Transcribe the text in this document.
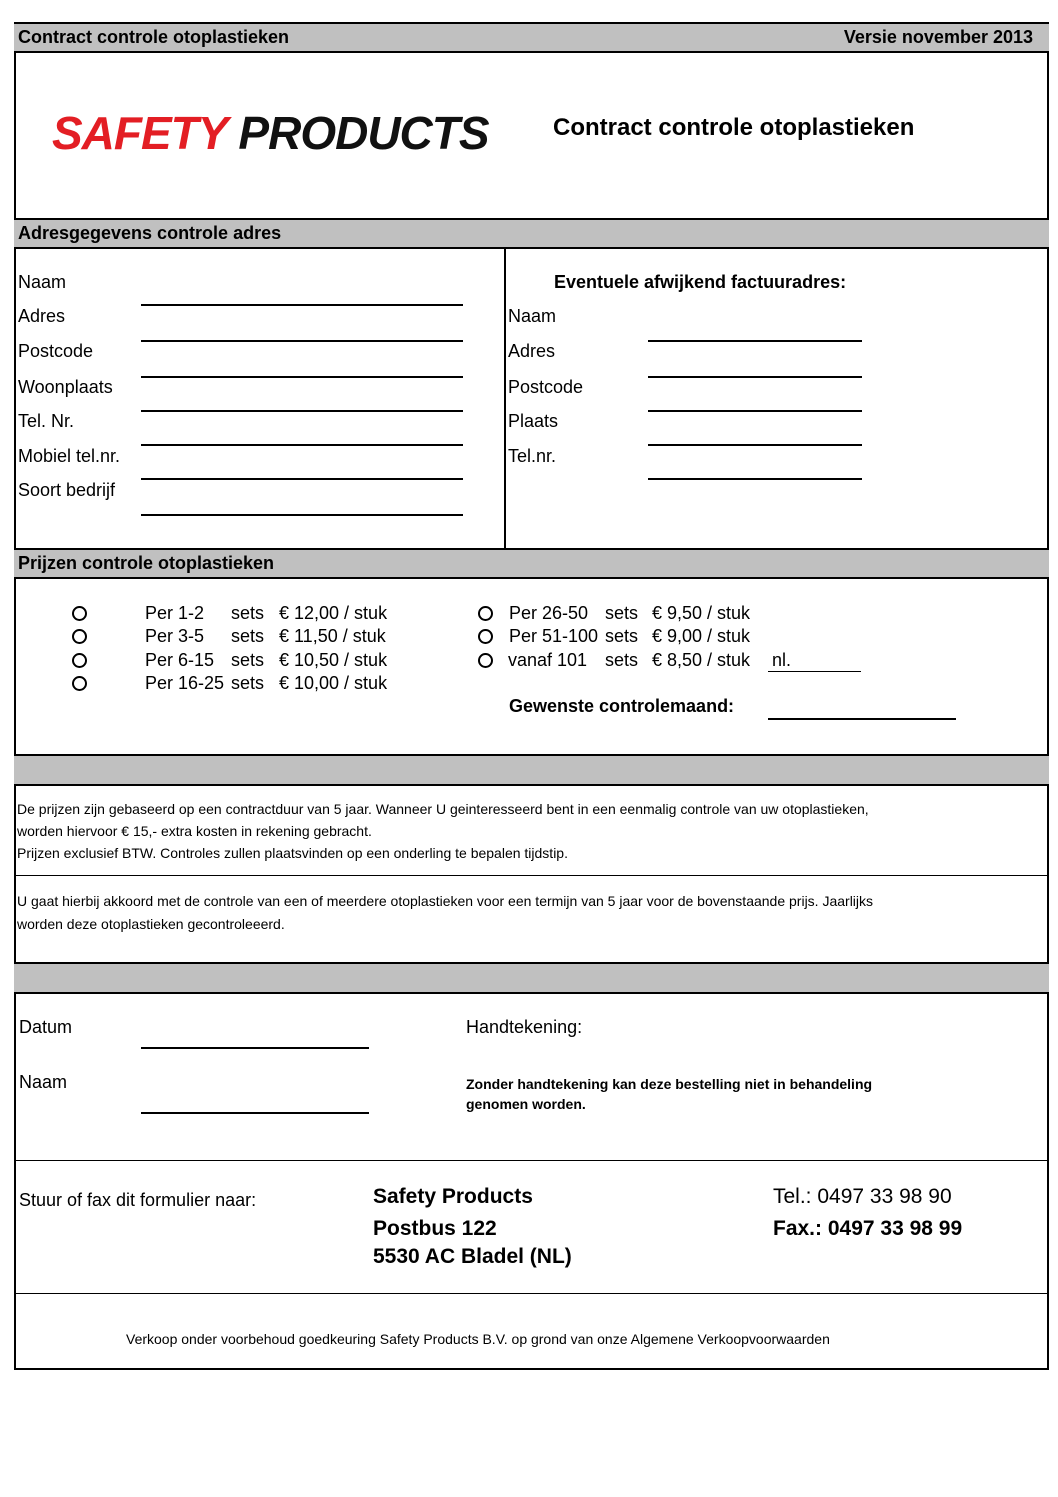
Contract controle otoplastieken	Versie november 2013
SAFETY PRODUCTS	Contract controle otoplastieken
Adresgegevens controle adres
Naam
Adres
Postcode
Woonplaats
Tel. Nr.
Mobiel tel.nr.
Soort bedrijf
Eventuele afwijkend factuuradres:
Naam
Adres
Postcode
Plaats
Tel.nr.
Prijzen controle otoplastieken
Per 1-2 sets € 12,00 / stuk
Per 3-5 sets € 11,50 / stuk
Per 6-15 sets € 10,50 / stuk
Per 16-25 sets € 10,00 / stuk
Per 26-50 sets € 9,50 / stuk
Per 51-100 sets € 9,00 / stuk
vanaf 101 sets € 8,50 / stuk nl.
Gewenste controlemaand:
De prijzen zijn gebaseerd op een contractduur van 5 jaar. Wanneer U geinteresseerd bent in een eenmalig controle van uw otoplastieken,
worden hiervoor € 15,- extra kosten in rekening gebracht.
Prijzen exclusief BTW. Controles zullen plaatsvinden op een onderling te bepalen tijdstip.
U gaat hierbij akkoord met de controle van een of meerdere otoplastieken voor een termijn van 5 jaar voor de bovenstaande prijs. Jaarlijks
worden deze otoplastieken gecontroleeerd.
Datum
Naam
Handtekening:
Zonder handtekening kan deze bestelling niet in behandeling
genomen worden.
Stuur of fax dit formulier naar:	Safety Products
Postbus 122
5530 AC Bladel (NL)
Tel.: 0497 33 98 90
Fax.: 0497 33 98 99
Verkoop onder voorbehoud goedkeuring Safety Products B.V. op grond van onze Algemene Verkoopvoorwaarden
